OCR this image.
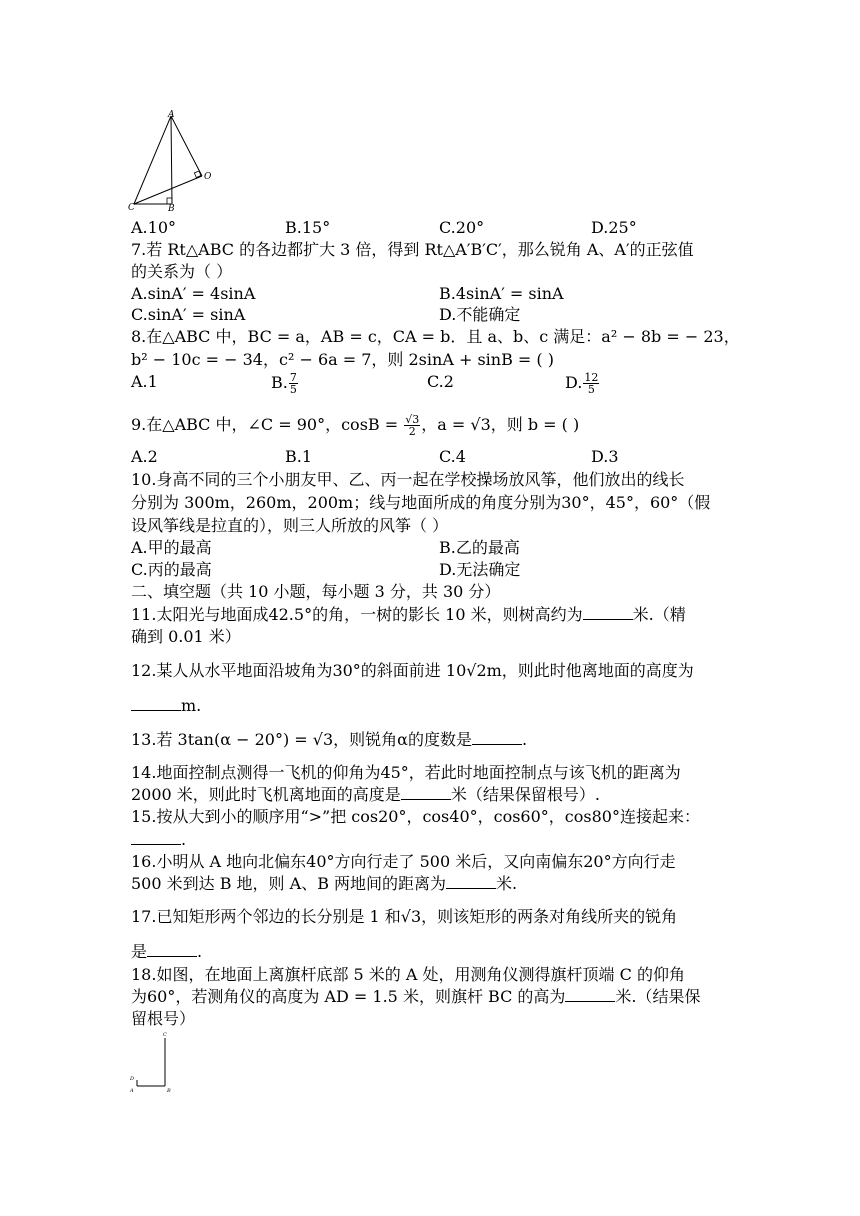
A
C	B
O
A.10°	B.15°	C.20°	D.25°
7.若 Rt△ABC 的各边都扩大 3 倍，得到 Rt△A′B′C′，那么锐角 A、A′的正弦值
的关系为（ ）
A.sinA′ = 4sinA	B.4sinA′ = sinA
C.sinA′ = sinA	D.不能确定
8.在△ABC 中，BC = a，AB = c，CA = b．且 a、b、c 满足：a² − 8b = − 23，
b² − 10c = − 34，c² − 6a = 7，则 2sinA + sinB = ( )
A.1	B. $\frac{7}{5}$	C.2	D. $\frac{12}{5}$
9.在△ABC 中，∠C = 90°，$\cos B = \frac{√3}{2}$ ，a = √3，则 b = ( )
A.2	B.1	C.4	D.3
10.身高不同的三个小朋友甲、乙、丙一起在学校操场放风筝，他们放出的线长
分别为 300m，260m，200m；线与地面所成的角度分别为30°，45°，60°（假
设风筝线是拉直的），则三人所放的风筝（ ）
A.甲的最高	B.乙的最高
C.丙的最高	D.无法确定
二、填空题（共 10 小题，每小题 3 分，共 30 分）
11.太阳光与地面成42.5°的角，一树的影长 10 米，则树高约为	米.（精
确到 0.01 米）
12.某人从水平地面沿坡角为30°的斜面前进 10√2m，则此时他离地面的高度为
m.
13.若 3tan(α − 20°) = √3，则锐角α的度数是	.
14.地面控制点测得一飞机的仰角为45°，若此时地面控制点与该飞机的距离为
2000 米，则此时飞机离地面的高度是	米（结果保留根号）.
15.按从大到小的顺序用“>”把 cos20°，cos40°，cos60°，cos80°连接起来：
.
16.小明从 A 地向北偏东40°方向行走了 500 米后，又向南偏东20°方向行走
500 米到达 B 地，则 A、B 两地间的距离为	米.
17.已知矩形两个邻边的长分别是 1 和√3，则该矩形的两条对角线所夹的锐角
是	.
18.如图，在地面上离旗杆底部 5 米的 A 处，用测角仪测得旗杆顶端 C 的仰角
为60°，若测角仪的高度为 AD = 1.5 米，则旗杆 BC 的高为	米.（结果保
留根号）
C
D
A	B
